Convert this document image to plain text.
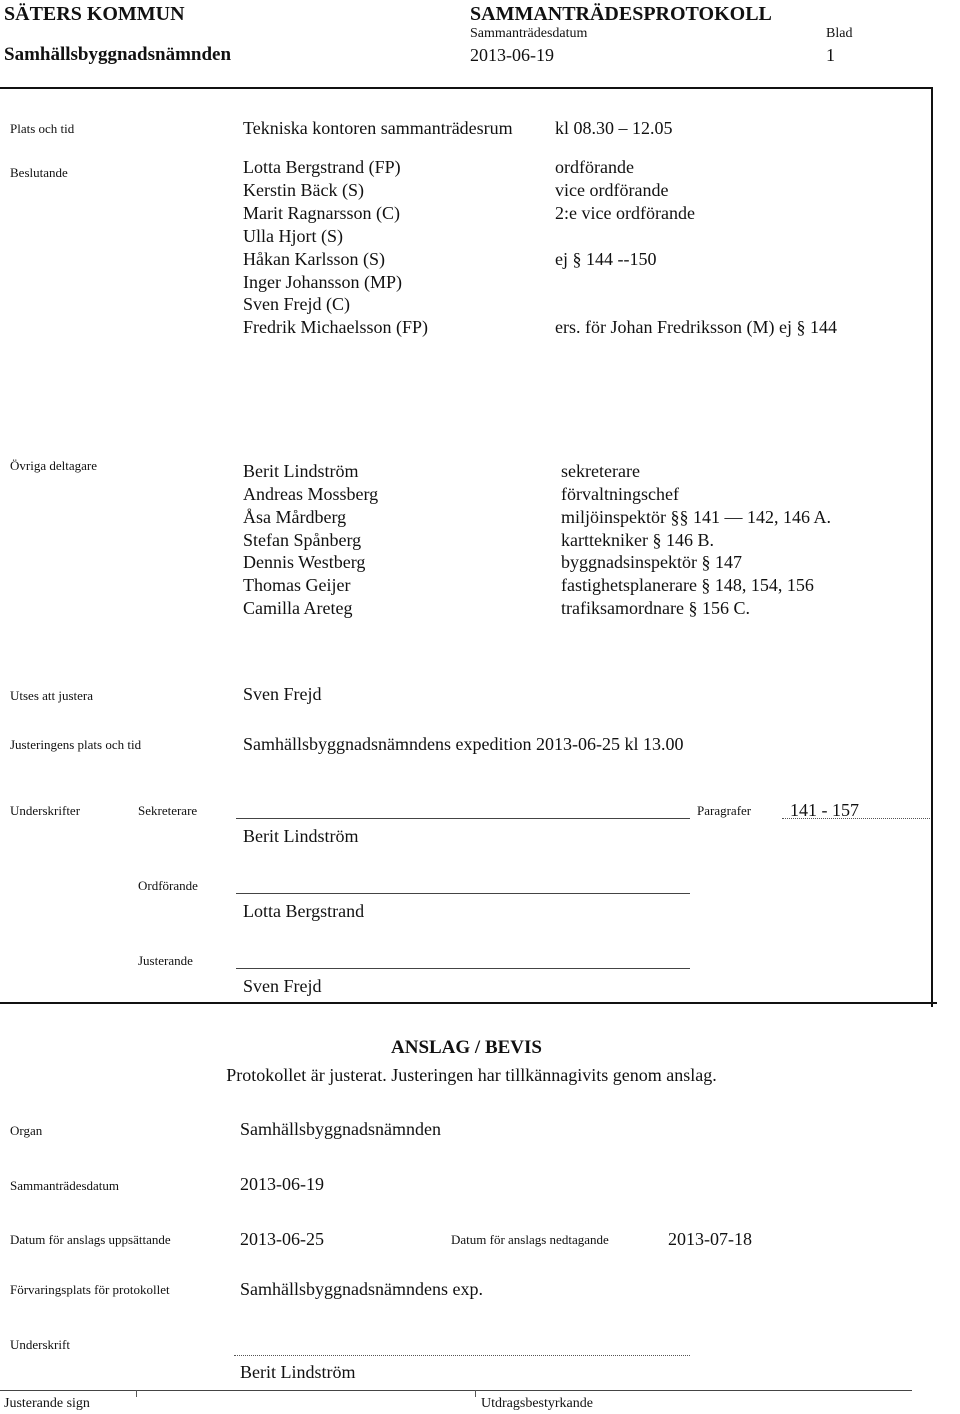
SÄTERS KOMMUN
Samhällsbyggnadsnämnden
SAMMANTRÄDESPROTOKOLL
Sammanträdesdatum
2013-06-19
Blad
1
Plats och tid	Tekniska kontoren sammanträdesrum kl 08.30 – 12.05
Beslutande	Lotta Bergstrand (FP)	ordförande
Kerstin Bäck (S)	vice ordförande
Marit Ragnarsson (C)	2:e vice ordförande
Ulla Hjort (S)
Håkan Karlsson (S)	ej § 144 --150
Inger Johansson (MP)
Sven Frejd (C)
Fredrik Michaelsson (FP)	ers. för Johan Fredriksson (M) ej § 144
Övriga deltagare	Berit Lindström	sekreterare
Andreas Mossberg	förvaltningschef
Åsa Mårdberg	miljöinspektör §§ 141 — 142, 146 A.
Stefan Spånberg	karttekniker § 146 B.
Dennis Westberg	byggnadsinspektör § 147
Thomas Geijer	fastighetsplanerare § 148, 154, 156
Camilla Areteg	trafiksamordnare § 156 C.
Utses att justera	Sven Frejd
Justeringens plats och tid	Samhällsbyggnadsnämndens expedition 2013-06-25 kl 13.00
Underskrifter	Sekreterare
Berit Lindström
Paragrafer 141 - 157
Ordförande
Lotta Bergstrand
Justerande
Sven Frejd
ANSLAG / BEVIS
Protokollet är justerat. Justeringen har tillkännagivits genom anslag.
Organ	Samhällsbyggnadsnämnden
Sammanträdesdatum	2013-06-19
Datum för anslags uppsättande	2013-06-25	Datum för anslags nedtagande	2013-07-18
Förvaringsplats för protokollet	Samhällsbyggnadsnämndens exp.
Underskrift
Berit Lindström
Justerande sign	Utdragsbestyrkande
